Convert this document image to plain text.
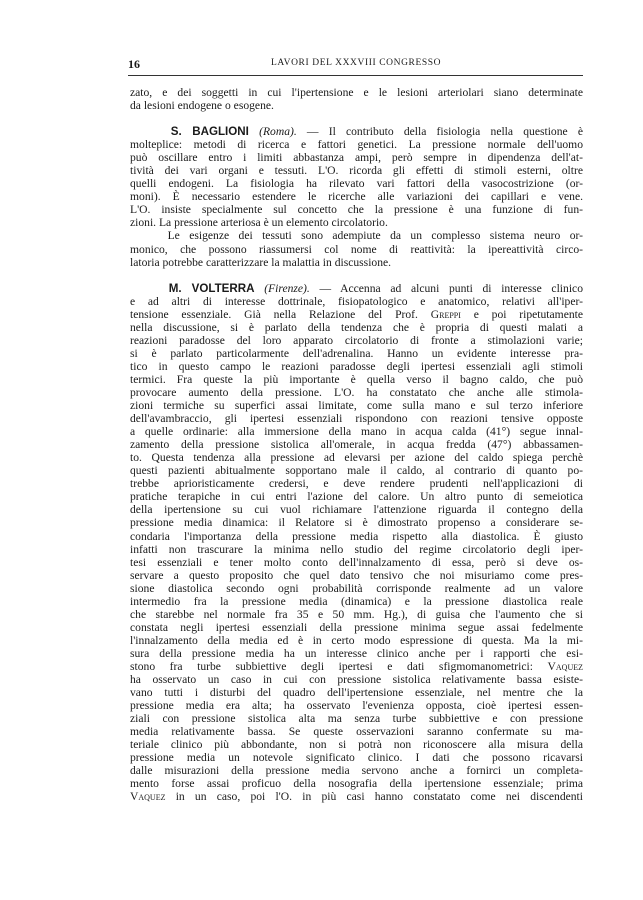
16	LAVORI DEL XXXVIII CONGRESSO
zato, e dei soggetti in cui l'ipertensione e le lesioni arteriolari siano determinate
da lesioni endogene o esogene.
S. BAGLIONI (Roma). — Il contributo della fisiologia nella questione è
molteplice: metodi di ricerca e fattori genetici. La pressione normale dell'uomo
può oscillare entro i limiti abbastanza ampi, però sempre in dipendenza dell'at-
tività dei vari organi e tessuti. L'O. ricorda gli effetti di stimoli esterni, oltre
quelli endogeni. La fisiologia ha rilevato vari fattori della vasocostrizione (or-
moni). È necessario estendere le ricerche alle variazioni dei capillari e vene.
L'O. insiste specialmente sul concetto che la pressione è una funzione di fun-
zioni. La pressione arteriosa è un elemento circolatorio.
Le esigenze dei tessuti sono adempiute da un complesso sistema neuro or-
monico, che possono riassumersi col nome di reattività: la ipereattività circo-
latoria potrebbe caratterizzare la malattia in discussione.
M. VOLTERRA (Firenze). — Accenna ad alcuni punti di interesse clinico
e ad altri di interesse dottrinale, fisiopatologico e anatomico, relativi all'iper-
tensione essenziale. Già nella Relazione del Prof. Greppi e poi ripetutamente
nella discussione, si è parlato della tendenza che è propria di questi malati a
reazioni paradosse del loro apparato circolatorio di fronte a stimolazioni varie;
si è parlato particolarmente dell'adrenalina. Hanno un evidente interesse pra-
tico in questo campo le reazioni paradosse degli ipertesi essenziali agli stimoli
termici. Fra queste la più importante è quella verso il bagno caldo, che può
provocare aumento della pressione. L'O. ha constatato che anche alle stimola-
zioni termiche su superfici assai limitate, come sulla mano e sul terzo inferiore
dell'avambraccio, gli ipertesi essenziali rispondono con reazioni tensive opposte
a quelle ordinarie: alla immersione della mano in acqua calda (41°) segue innal-
zamento della pressione sistolica all'omerale, in acqua fredda (47°) abbassamen-
to. Questa tendenza alla pressione ad elevarsi per azione del caldo spiega perchè
questi pazienti abitualmente sopportano male il caldo, al contrario di quanto po-
trebbe aprioristicamente credersi, e deve rendere prudenti nell'applicazioni di
pratiche terapiche in cui entri l'azione del calore. Un altro punto di semeiotica
della ipertensione su cui vuol richiamare l'attenzione riguarda il contegno della
pressione media dinamica: il Relatore si è dimostrato propenso a considerare se-
condaria l'importanza della pressione media rispetto alla diastolica. È giusto
infatti non trascurare la minima nello studio del regime circolatorio degli iper-
tesi essenziali e tener molto conto dell'innalzamento di essa, però si deve os-
servare a questo proposito che quel dato tensivo che noi misuriamo come pres-
sione diastolica secondo ogni probabilità corrisponde realmente ad un valore
intermedio fra la pressione media (dinamica) e la pressione diastolica reale
che starebbe nel normale fra 35 e 50 mm. Hg.), di guisa che l'aumento che si
constata negli ipertesi essenziali della pressione minima segue assai fedelmente
l'innalzamento della media ed è in certo modo espressione di questa. Ma la mi-
sura della pressione media ha un interesse clinico anche per i rapporti che esi-
stono fra turbe subbiettive degli ipertesi e dati sfigmomanometrici: Vaquez
ha osservato un caso in cui con pressione sistolica relativamente bassa esiste-
vano tutti i disturbi del quadro dell'ipertensione essenziale, nel mentre che la
pressione media era alta; ha osservato l'evenienza opposta, cioè ipertesi essen-
ziali con pressione sistolica alta ma senza turbe subbiettive e con pressione
media relativamente bassa. Se queste osservazioni saranno confermate su ma-
teriale clinico più abbondante, non si potrà non riconoscere alla misura della
pressione media un notevole significato clinico. I dati che possono ricavarsi
dalle misurazioni della pressione media servono anche a fornirci un completa-
mento forse assai proficuo della nosografia della ipertensione essenziale; prima
Vaquez in un caso, poi l'O. in più casi hanno constatato come nei discendenti
